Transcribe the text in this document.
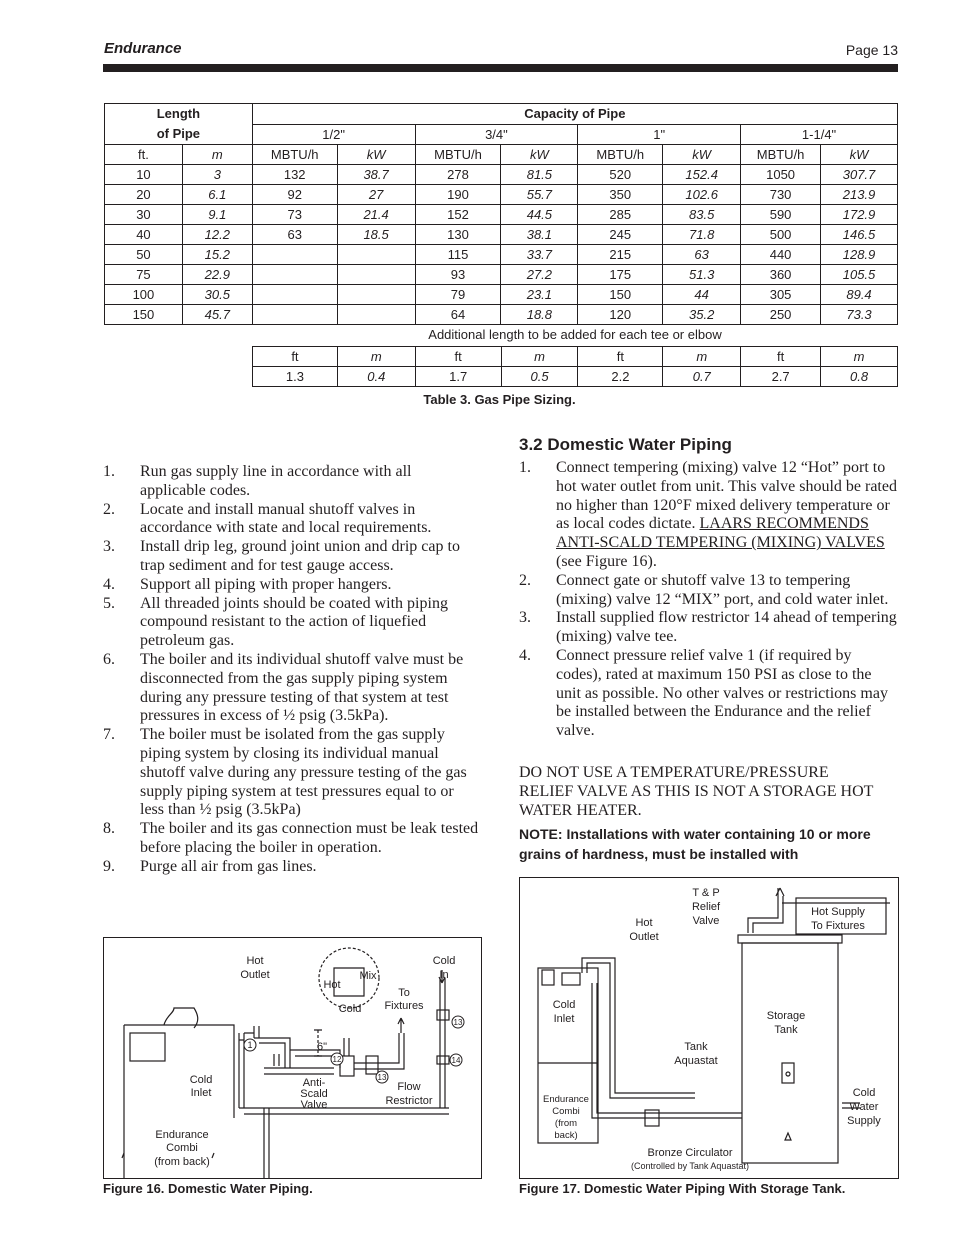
Endurance	Page 13
Length
of Pipe		Capacity of Pipe							
		1/2"		3/4"		1"		1-1/4"	
ft.	m	MBTU/h	kW	MBTU/h	kW	MBTU/h	kW	MBTU/h	kW
10	3	132	38.7	278	81.5	520	152.4	1050	307.7
20	6.1	92	27	190	55.7	350	102.6	730	213.9
30	9.1	73	21.4	152	44.5	285	83.5	590	172.9
40	12.2	63	18.5	130	38.1	245	71.8	500	146.5
50	15.2			115	33.7	215	63	440	128.9
75	22.9			93	27.2	175	51.3	360	105.5
100	30.5			79	23.1	150	44	305	89.4
150	45.7			64	18.8	120	35.2	250	73.3
Additional length to be added for each tee or elbow
ft	m	ft	m	ft	m	ft	m
1.3	0.4	1.7	0.5	2.2	0.7	2.7	0.8
Table 3. Gas Pipe Sizing.
1. Run gas supply line in accordance with all applicable codes.
2. Locate and install manual shutoff valves in accordance with state and local requirements.
3. Install drip leg, ground joint union and drip cap to trap sediment and for test gauge access.
4. Support all piping with proper hangers.
5. All threaded joints should be coated with piping compound resistant to the action of liquefied petroleum gas.
6. The boiler and its individual shutoff valve must be disconnected from the gas supply piping system during any pressure testing of that system at test pressures in excess of ½ psig (3.5kPa).
7. The boiler must be isolated from the gas supply piping system by closing its individual manual shutoff valve during any pressure testing of the gas supply piping system at test pressures equal to or less than ½ psig (3.5kPa)
8. The boiler and its gas connection must be leak tested before placing the boiler in operation.
9. Purge all air from gas lines.
3.2 Domestic Water Piping
1. Connect tempering (mixing) valve 12 “Hot” port to hot water outlet from unit. This valve should be rated no higher than 120°F mixed delivery temperature or as local codes dictate. LAARS RECOMMENDS ANTI-SCALD TEMPERING (MIXING) VALVES (see Figure 16).
2. Connect gate or shutoff valve 13 to tempering (mixing) valve 12 “MIX” port, and cold water inlet.
3. Install supplied flow restrictor 14 ahead of tempering (mixing) valve tee.
4. Connect pressure relief valve 1 (if required by codes), rated at maximum 150 PSI as close to the unit as possible. No other valves or restrictions may be installed between the Endurance and the relief valve.
DO NOT USE A TEMPERATURE/PRESSURE RELIEF VALVE AS THIS IS NOT A STORAGE HOT WATER HEATER.
NOTE: Installations with water containing 10 or more grains of hardness, must be installed with
Hot
Outlet
Cold
In
Hot
Mix
Cold
To
Fixtures
Cold
Inlet
Anti-
Scald
Valve
Flow
Restrictor
Endurance
Combi
(from back)
6"
1
12
13
13
14
Figure 16. Domestic Water Piping.
T & P
Relief
Valve
Hot
Outlet
Hot Supply
To Fixtures
Cold
Inlet	Storage
Tank
Tank
Aquastat
Cold
Water
Supply
Bronze Circulator
Endurance
Combi
(from
back)
(Controlled by Tank Aquastat)
Figure 17. Domestic Water Piping With Storage Tank.
